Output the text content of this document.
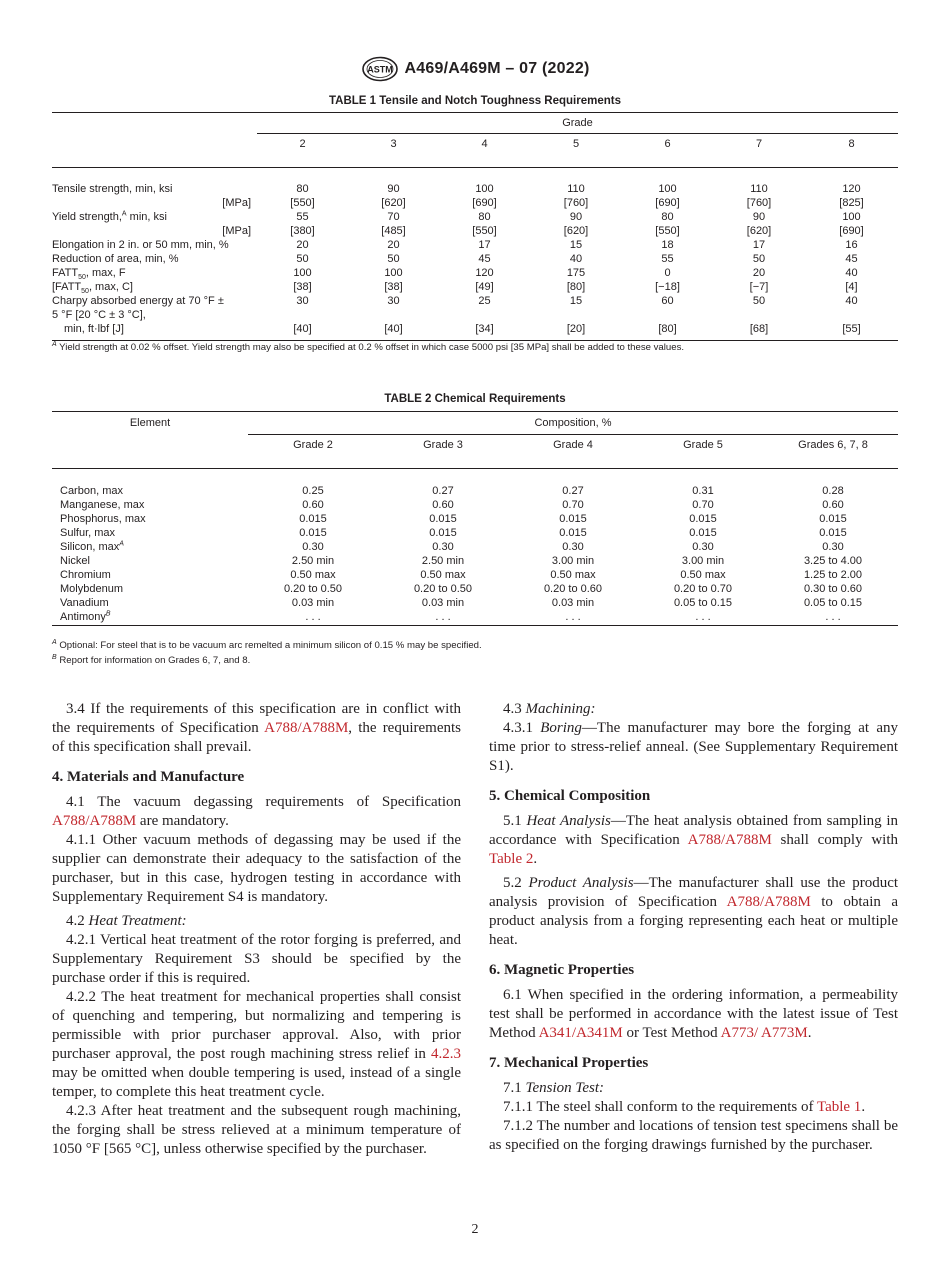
ASTM A469/A469M – 07 (2022)
TABLE 1 Tensile and Notch Toughness Requirements
	Grade						
	2	3	4	5	6	7	8

Tensile strength, min, ksi	80	90	100	110	100	110	120
[MPa]	[550]	[620]	[690]	[760]	[690]	[760]	[825]
Yield strength,$^A$ min, ksi	55	70	80	90	80	90	100
[MPa]	[380]	[485]	[550]	[620]	[550]	[620]	[690]
Elongation in 2 in. or 50 mm, min, %	20	20	17	15	18	17	16
Reduction of area, min, %	50	50	45	40	55	50	45
$FATT_{50}$, max, F	100	100	120	175	0	20	40
[$FATT_{50}$, max, C]	[38]	[38]	[49]	[80]	[−18]	[−7]	[4]
Charpy absorbed energy at 70 °F ±	30	30	25	15	60	50	40
5 °F [20 °C ± 3 °C],							
min, ft·lbf [J]	[40]	[40]	[34]	[20]	[80]	[68]	[55]
$^A$ Yield strength at 0.02 % offset. Yield strength may also be specified at 0.2 % offset in which case 5000 psi [35 MPa] shall be added to these values.
TABLE 2 Chemical Requirements
Element	Composition, %				
	Grade 2	Grade 3	Grade 4	Grade 5	Grades 6, 7, 8

Carbon, max	0.25	0.27	0.27	0.31	0.28
Manganese, max	0.60	0.60	0.70	0.70	0.60
Phosphorus, max	0.015	0.015	0.015	0.015	0.015
Sulfur, max	0.015	0.015	0.015	0.015	0.015
Silicon, $\max^A$	0.30	0.30	0.30	0.30	0.30
Nickel	2.50 min	2.50 min	3.00 min	3.00 min	3.25 to 4.00
Chromium	0.50 max	0.50 max	0.50 max	0.50 max	1.25 to 2.00
Molybdenum	0.20 to 0.50	0.20 to 0.50	0.20 to 0.60	0.20 to 0.70	0.30 to 0.60
Vanadium	0.03 min	0.03 min	0.03 min	0.05 to 0.15	0.05 to 0.15
Antimony$^B$	. . .	. . .	. . .	. . .	. . .
$^A$ Optional: For steel that is to be vacuum arc remelted a minimum silicon of 0.15 % may be specified.
$^B$ Report for information on Grades 6, 7, and 8.

3.4 If the requirements of this specification are in conflict with the requirements of Specification A788/A788M, the requirements of this specification shall prevail.

4. Materials and Manufacture

4.1 The vacuum degassing requirements of Specification A788/A788M are mandatory.

4.1.1 Other vacuum methods of degassing may be used if the supplier can demonstrate their adequacy to the satisfaction of the purchaser, but in this case, hydrogen testing in accordance with Supplementary Requirement S4 is mandatory.

4.2 Heat Treatment:

4.2.1 Vertical heat treatment of the rotor forging is preferred, and Supplementary Requirement S3 should be specified by the purchase order if this is required.

4.2.2 The heat treatment for mechanical properties shall consist of quenching and tempering, but normalizing and tempering is permissible with prior purchaser approval. Also, with prior purchaser approval, the post rough machining stress relief in 4.2.3 may be omitted when double tempering is used, instead of a single temper, to complete this heat treatment cycle.

4.2.3 After heat treatment and the subsequent rough machining, the forging shall be stress relieved at a minimum temperature of 1050 °F [565 °C], unless otherwise specified by the purchaser.

4.3 Machining:

4.3.1 Boring—The manufacturer may bore the forging at any time prior to stress-relief anneal. (See Supplementary Requirement S1).

5. Chemical Composition

5.1 Heat Analysis—The heat analysis obtained from sampling in accordance with Specification A788/A788M shall comply with Table 2.

5.2 Product Analysis—The manufacturer shall use the product analysis provision of Specification A788/A788M to obtain a product analysis from a forging representing each heat or multiple heat.

6. Magnetic Properties

6.1 When specified in the ordering information, a permeability test shall be performed in accordance with the latest issue of Test Method A341/A341M or Test Method A773/ A773M.

7. Mechanical Properties

7.1 Tension Test:

7.1.1 The steel shall conform to the requirements of Table 1.

7.1.2 The number and locations of tension test specimens shall be as specified on the forging drawings furnished by the purchaser.

2
